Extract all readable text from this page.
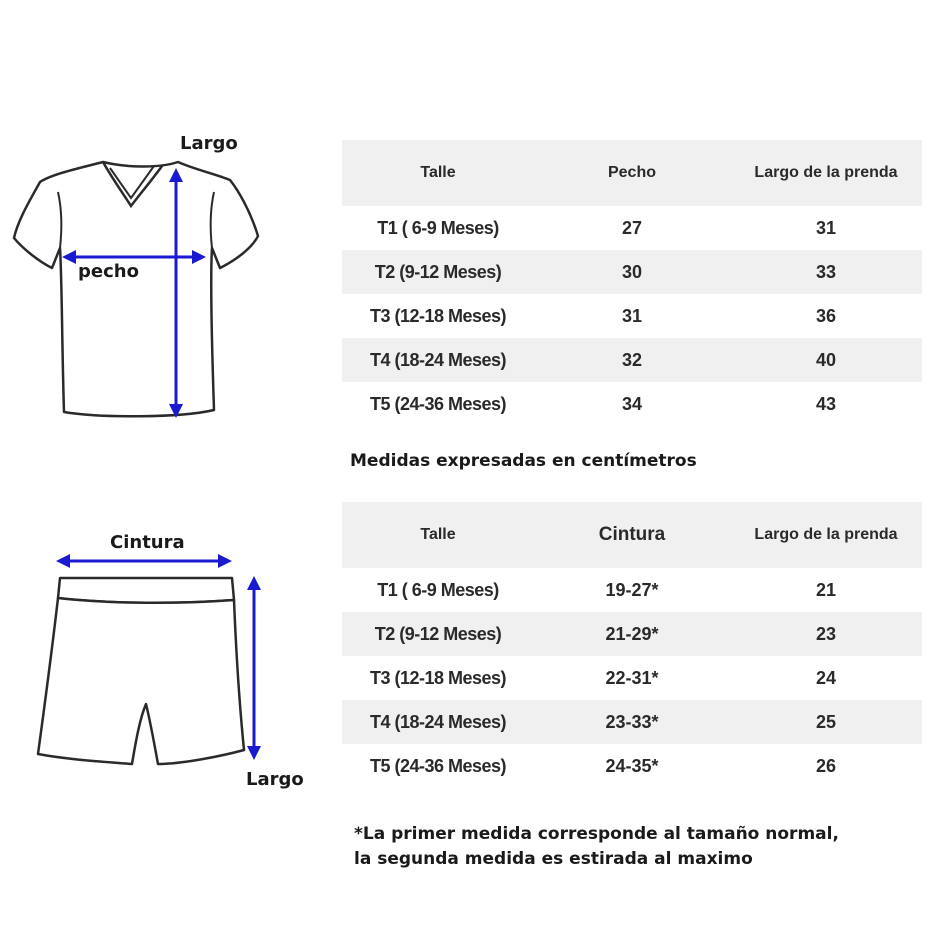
Largo
pecho
Talle	Pecho	Largo de la prenda
T1 ( 6-9 Meses)	27	31
T2 (9-12 Meses)	30	33
T3 (12-18 Meses)	31	36
T4 (18-24 Meses)	32	40
T5 (24-36 Meses)	34	43
Medidas expresadas en centímetros
Cintura
Largo
Talle	Cintura	Largo de la prenda
T1 ( 6-9 Meses)	19-27*	21
T2 (9-12 Meses)	21-29*	23
T3 (12-18 Meses)	22-31*	24
T4 (18-24 Meses)	23-33*	25
T5 (24-36 Meses)	24-35*	26
*La primer medida corresponde al tamaño normal,
la segunda medida es estirada al maximo
